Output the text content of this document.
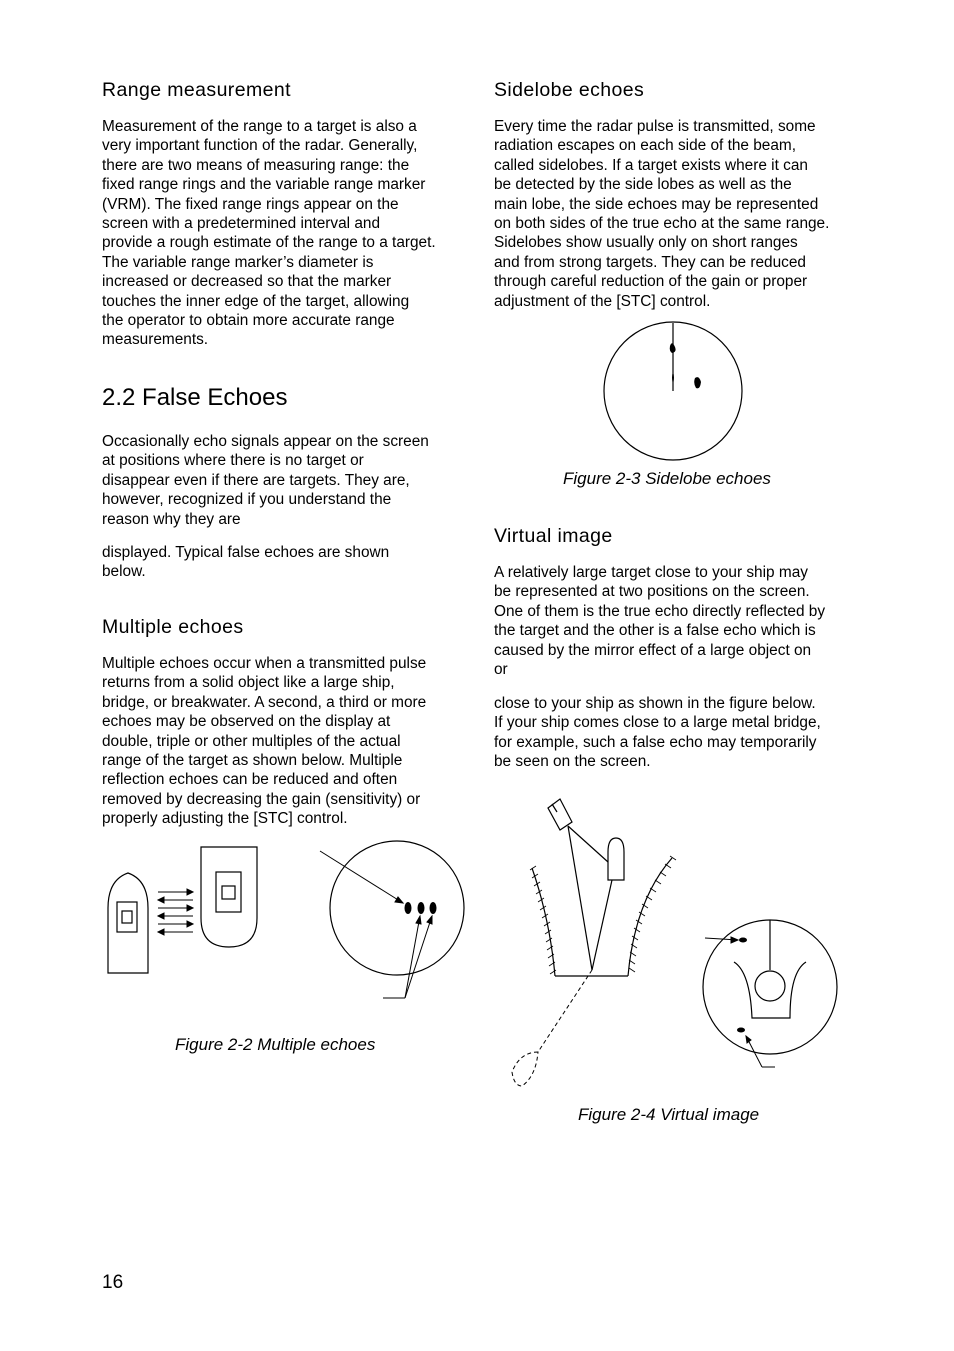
Range measurement

Measurement of the range to a target is also a
very important function of the radar. Generally,
there are two means of measuring range: the
fixed range rings and the variable range marker
(VRM). The fixed range rings appear on the
screen with a predetermined interval and
provide a rough estimate of the range to a target.
The variable range marker’s diameter is
increased or decreased so that the marker
touches the inner edge of the target, allowing
the operator to obtain more accurate range
measurements.

2.2 False Echoes

Occasionally echo signals appear on the screen
at positions where there is no target or
disappear even if there are targets. They are,
however, recognized if you understand the
reason why they are

displayed. Typical false echoes are shown
below.

Multiple echoes

Multiple echoes occur when a transmitted pulse
returns from a solid object like a large ship,
bridge, or breakwater. A second, a third or more
echoes may be observed on the display at
double, triple or other multiples of the actual
range of the target as shown below. Multiple
reflection echoes can be reduced and often
removed by decreasing the gain (sensitivity) or
properly adjusting the [STC] control.

Figure 2-2 Multiple echoes
Sidelobe echoes

Every time the radar pulse is transmitted, some
radiation escapes on each side of the beam,
called sidelobes. If a target exists where it can
be detected by the side lobes as well as the
main lobe, the side echoes may be represented
on both sides of the true echo at the same range.
Sidelobes show usually only on short ranges
and from strong targets. They can be reduced
through careful reduction of the gain or proper
adjustment of the [STC] control.

Figure 2-3 Sidelobe echoes
Virtual image

A relatively large target close to your ship may
be represented at two positions on the screen.
One of them is the true echo directly reflected by
the target and the other is a false echo which is
caused by the mirror effect of a large object on
or

close to your ship as shown in the figure below.
If your ship comes close to a large metal bridge,
for example, such a false echo may temporarily
be seen on the screen.

Figure 2-4 Virtual image

16
